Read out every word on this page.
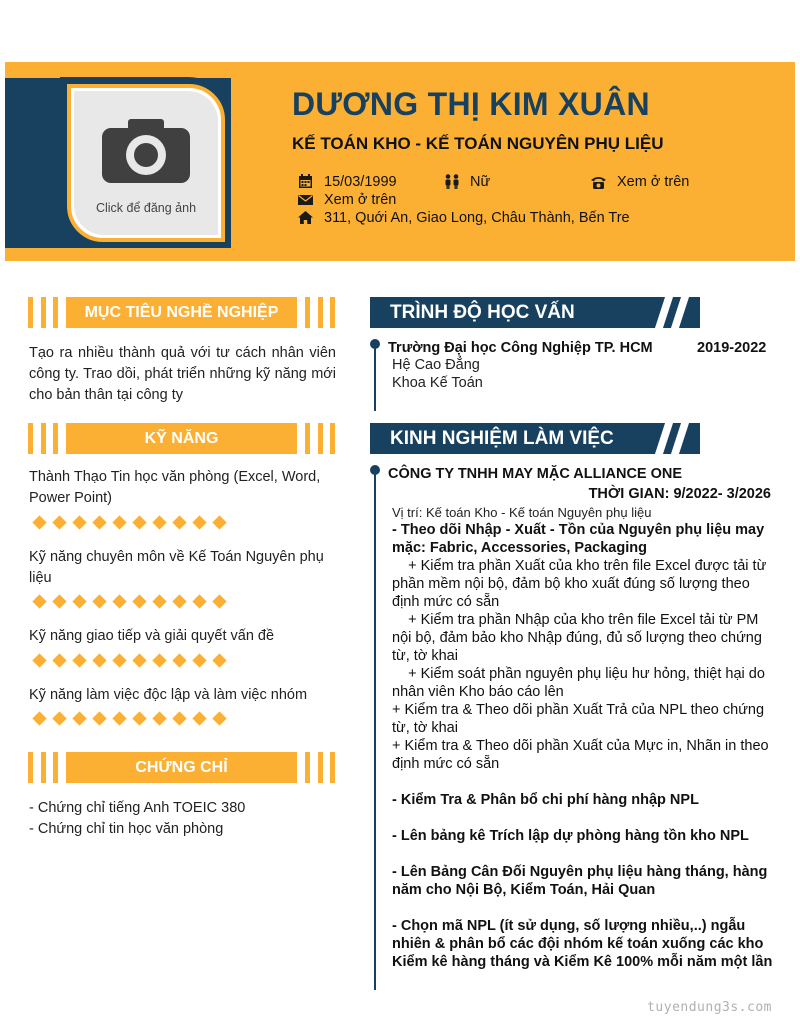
Click để đăng ảnh
DƯƠNG THỊ KIM XUÂN
KẾ TOÁN KHO - KẾ TOÁN NGUYÊN PHỤ LIỆU
15/03/1999	Nữ	Xem ở trên
Xem ở trên
311, Quới An, Giao Long, Châu Thành, Bến Tre
MỤC TIÊU NGHỀ NGHIỆP
Tạo ra nhiều thành quả với tư cách nhân viên công ty. Trao dồi, phát triển những kỹ năng mới cho bản thân tại công ty
KỸ NĂNG
Thành Thạo Tin học văn phòng (Excel, Word, Power Point)
Kỹ năng chuyên môn về Kế Toán Nguyên phụ liệu
Kỹ năng giao tiếp và giải quyết vấn đề
Kỹ năng làm việc độc lập và làm việc nhóm
CHỨNG CHỈ
- Chứng chỉ tiếng Anh TOEIC 380
- Chứng chỉ tin học văn phòng
TRÌNH ĐỘ HỌC VẤN
Trường Đại học Công Nghiệp TP. HCM	2019-2022
Hệ Cao Đẳng
Khoa Kế Toán
KINH NGHIỆM LÀM VIỆC
CÔNG TY TNHH MAY MẶC ALLIANCE ONE
THỜI GIAN: 9/2022- 3/2026
Vị trí: Kế toán Kho - Kế toán Nguyên phụ liệu

- Theo dõi Nhập - Xuất - Tồn của Nguyên phụ liệu may mặc: Fabric, Accessories, Packaging

+ Kiểm tra phần Xuất của kho trên file Excel được tải từ phần mềm nội bộ, đảm bộ kho xuất đúng số lượng theo định mức có sẵn

+ Kiểm tra phần Nhập của kho trên file Excel tải từ PM nội bộ, đảm bảo kho Nhập đúng, đủ số lượng theo chứng từ, tờ khai

+ Kiểm soát phần nguyên phụ liệu hư hỏng, thiệt hại do nhân viên Kho báo cáo lên

+ Kiểm tra & Theo dõi phần Xuất Trả của NPL theo chứng từ, tờ khai

+ Kiểm tra & Theo dõi phần Xuất của Mực in, Nhãn in theo định mức có sẵn

- Kiểm Tra & Phân bổ chi phí hàng nhập NPL

- Lên bảng kê Trích lập dự phòng hàng tồn kho NPL

- Lên Bảng Cân Đối Nguyên phụ liệu hàng tháng, hàng năm cho Nội Bộ, Kiểm Toán, Hải Quan

- Chọn mã NPL (ít sử dụng, số lượng nhiều,..) ngẫu nhiên & phân bổ các đội nhóm kế toán xuống các kho Kiểm kê hàng tháng và Kiểm Kê 100% mỗi năm một lần

tuyendung3s.com
